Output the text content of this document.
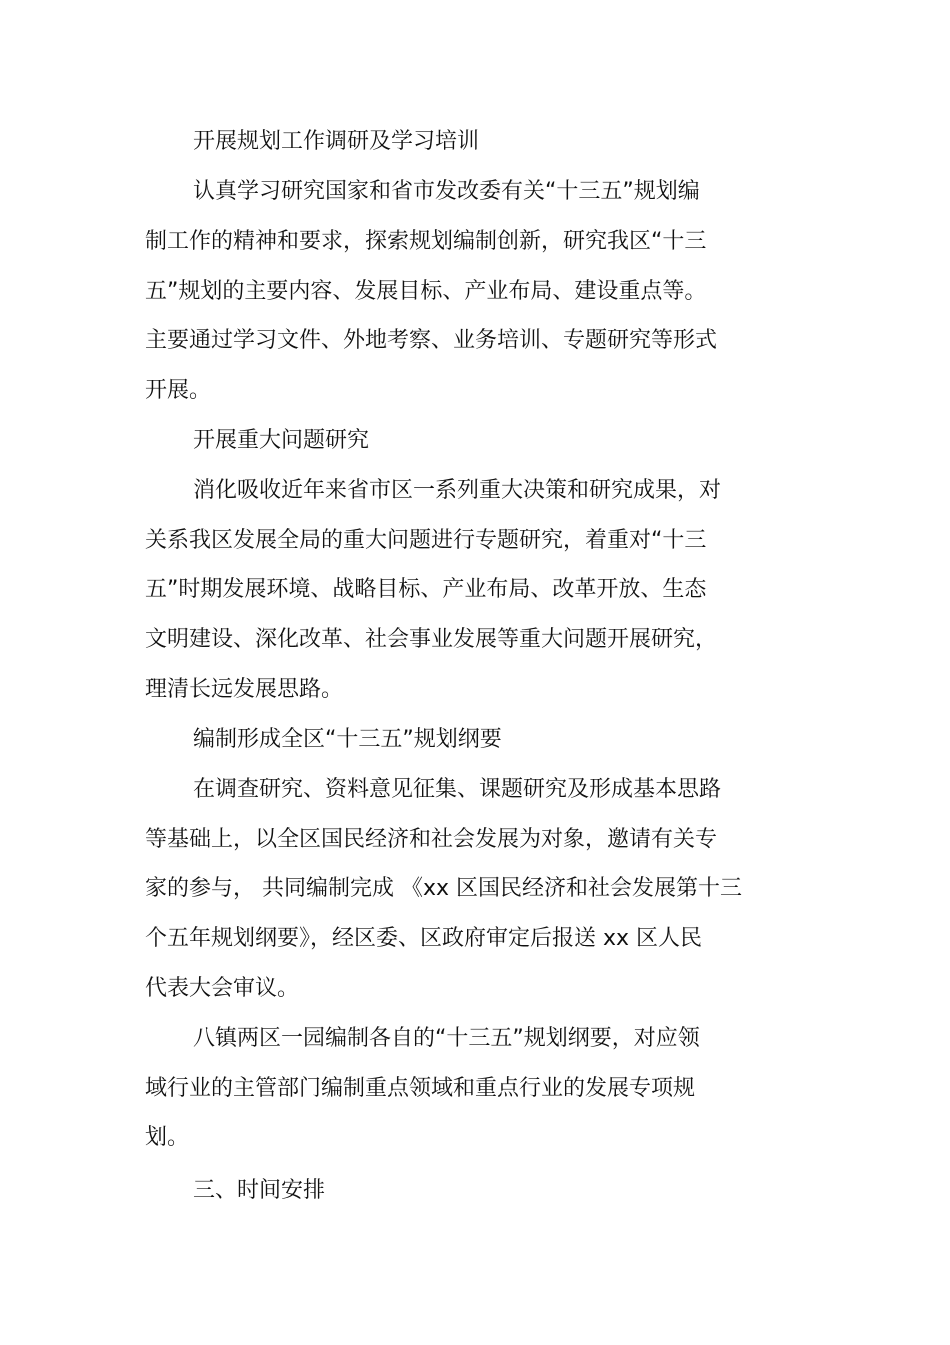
开展规划工作调研及学习培训

认真学习研究国家和省市发改委有关“十三五”规划编

制工作的精神和要求，探索规划编制创新，研究我区“十三

五”规划的主要内容、发展目标、产业布局、建设重点等。

主要通过学习文件、外地考察、业务培训、专题研究等形式

开展。

开展重大问题研究

消化吸收近年来省市区一系列重大决策和研究成果，对

关系我区发展全局的重大问题进行专题研究，着重对“十三

五”时期发展环境、战略目标、产业布局、改革开放、生态

文明建设、深化改革、社会事业发展等重大问题开展研究，

理清长远发展思路。

编制形成全区“十三五”规划纲要

在调查研究、资料意见征集、课题研究及形成基本思路

等基础上，以全区国民经济和社会发展为对象，邀请有关专

家的参与， 共同编制完成 《xx 区国民经济和社会发展第十三

个五年规划纲要》，经区委、区政府审定后报送 xx 区人民

代表大会审议。

八镇两区一园编制各自的“十三五”规划纲要，对应领

域行业的主管部门编制重点领域和重点行业的发展专项规

划。

三、时间安排
